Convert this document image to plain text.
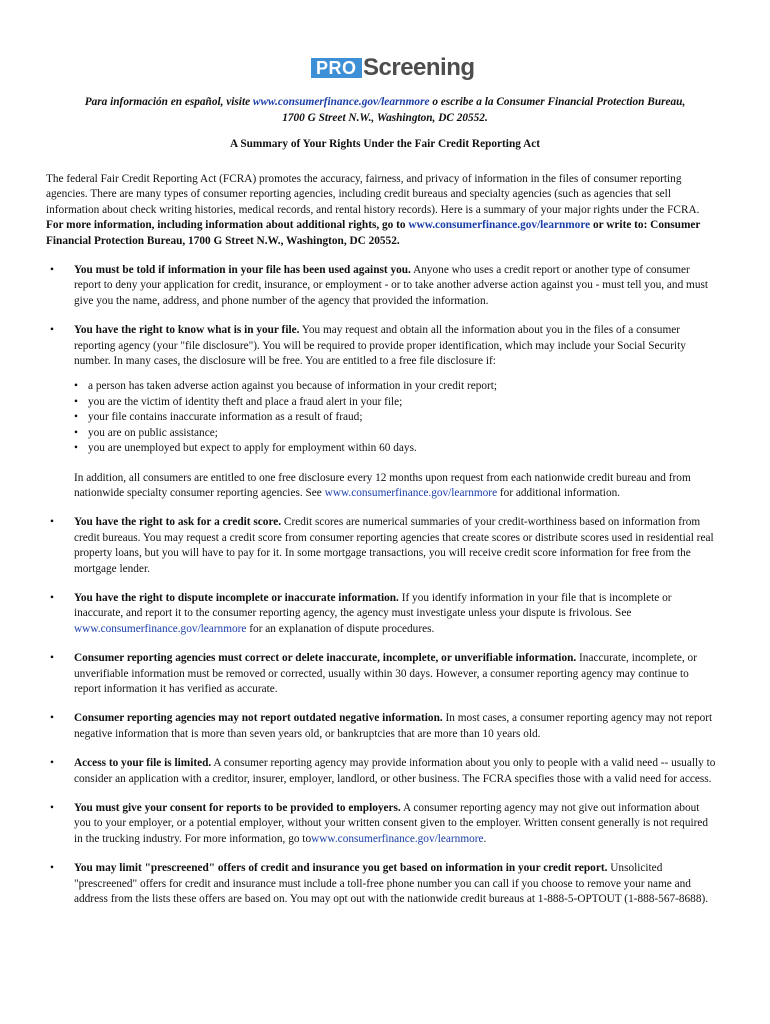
PRO Screening
Para información en español, visite www.consumerfinance.gov/learnmore o escribe a la Consumer Financial Protection Bureau,
1700 G Street N.W., Washington, DC 20552.
A Summary of Your Rights Under the Fair Credit Reporting Act

The federal Fair Credit Reporting Act (FCRA) promotes the accuracy, fairness, and privacy of information in the files of consumer reporting agencies. There are many types of consumer reporting agencies, including credit bureaus and specialty agencies (such as agencies that sell information about check writing histories, medical records, and rental history records). Here is a summary of your major rights under the FCRA. For more information, including information about additional rights, go to www.consumerfinance.gov/learnmore or write to: Consumer Financial Protection Bureau, 1700 G Street N.W., Washington, DC 20552.

• You must be told if information in your file has been used against you. Anyone who uses a credit report or another type of consumer report to deny your application for credit, insurance, or employment - or to take another adverse action against you - must tell you, and must give you the name, address, and phone number of the agency that provided the information.

• You have the right to know what is in your file. You may request and obtain all the information about you in the files of a consumer reporting agency (your "file disclosure"). You will be required to provide proper identification, which may include your Social Security number. In many cases, the disclosure will be free. You are entitled to a free file disclosure if:

• a person has taken adverse action against you because of information in your credit report;
• you are the victim of identity theft and place a fraud alert in your file;
• your file contains inaccurate information as a result of fraud;
• you are on public assistance;
• you are unemployed but expect to apply for employment within 60 days.

In addition, all consumers are entitled to one free disclosure every 12 months upon request from each nationwide credit bureau and from nationwide specialty consumer reporting agencies. See www.consumerfinance.gov/learnmore for additional information.

• You have the right to ask for a credit score. Credit scores are numerical summaries of your credit-worthiness based on information from credit bureaus. You may request a credit score from consumer reporting agencies that create scores or distribute scores used in residential real property loans, but you will have to pay for it. In some mortgage transactions, you will receive credit score information for free from the mortgage lender.

• You have the right to dispute incomplete or inaccurate information. If you identify information in your file that is incomplete or inaccurate, and report it to the consumer reporting agency, the agency must investigate unless your dispute is frivolous. See www.consumerfinance.gov/learnmore for an explanation of dispute procedures.

• Consumer reporting agencies must correct or delete inaccurate, incomplete, or unverifiable information. Inaccurate, incomplete, or unverifiable information must be removed or corrected, usually within 30 days. However, a consumer reporting agency may continue to report information it has verified as accurate.

• Consumer reporting agencies may not report outdated negative information. In most cases, a consumer reporting agency may not report negative information that is more than seven years old, or bankruptcies that are more than 10 years old.

• Access to your file is limited. A consumer reporting agency may provide information about you only to people with a valid need -- usually to consider an application with a creditor, insurer, employer, landlord, or other business. The FCRA specifies those with a valid need for access.

• You must give your consent for reports to be provided to employers. A consumer reporting agency may not give out information about you to your employer, or a potential employer, without your written consent given to the employer. Written consent generally is not required in the trucking industry. For more information, go towww.consumerfinance.gov/learnmore.

• You may limit "prescreened" offers of credit and insurance you get based on information in your credit report. Unsolicited "prescreened" offers for credit and insurance must include a toll-free phone number you can call if you choose to remove your name and address from the lists these offers are based on. You may opt out with the nationwide credit bureaus at 1-888-5-OPTOUT (1-888-567-8688).
